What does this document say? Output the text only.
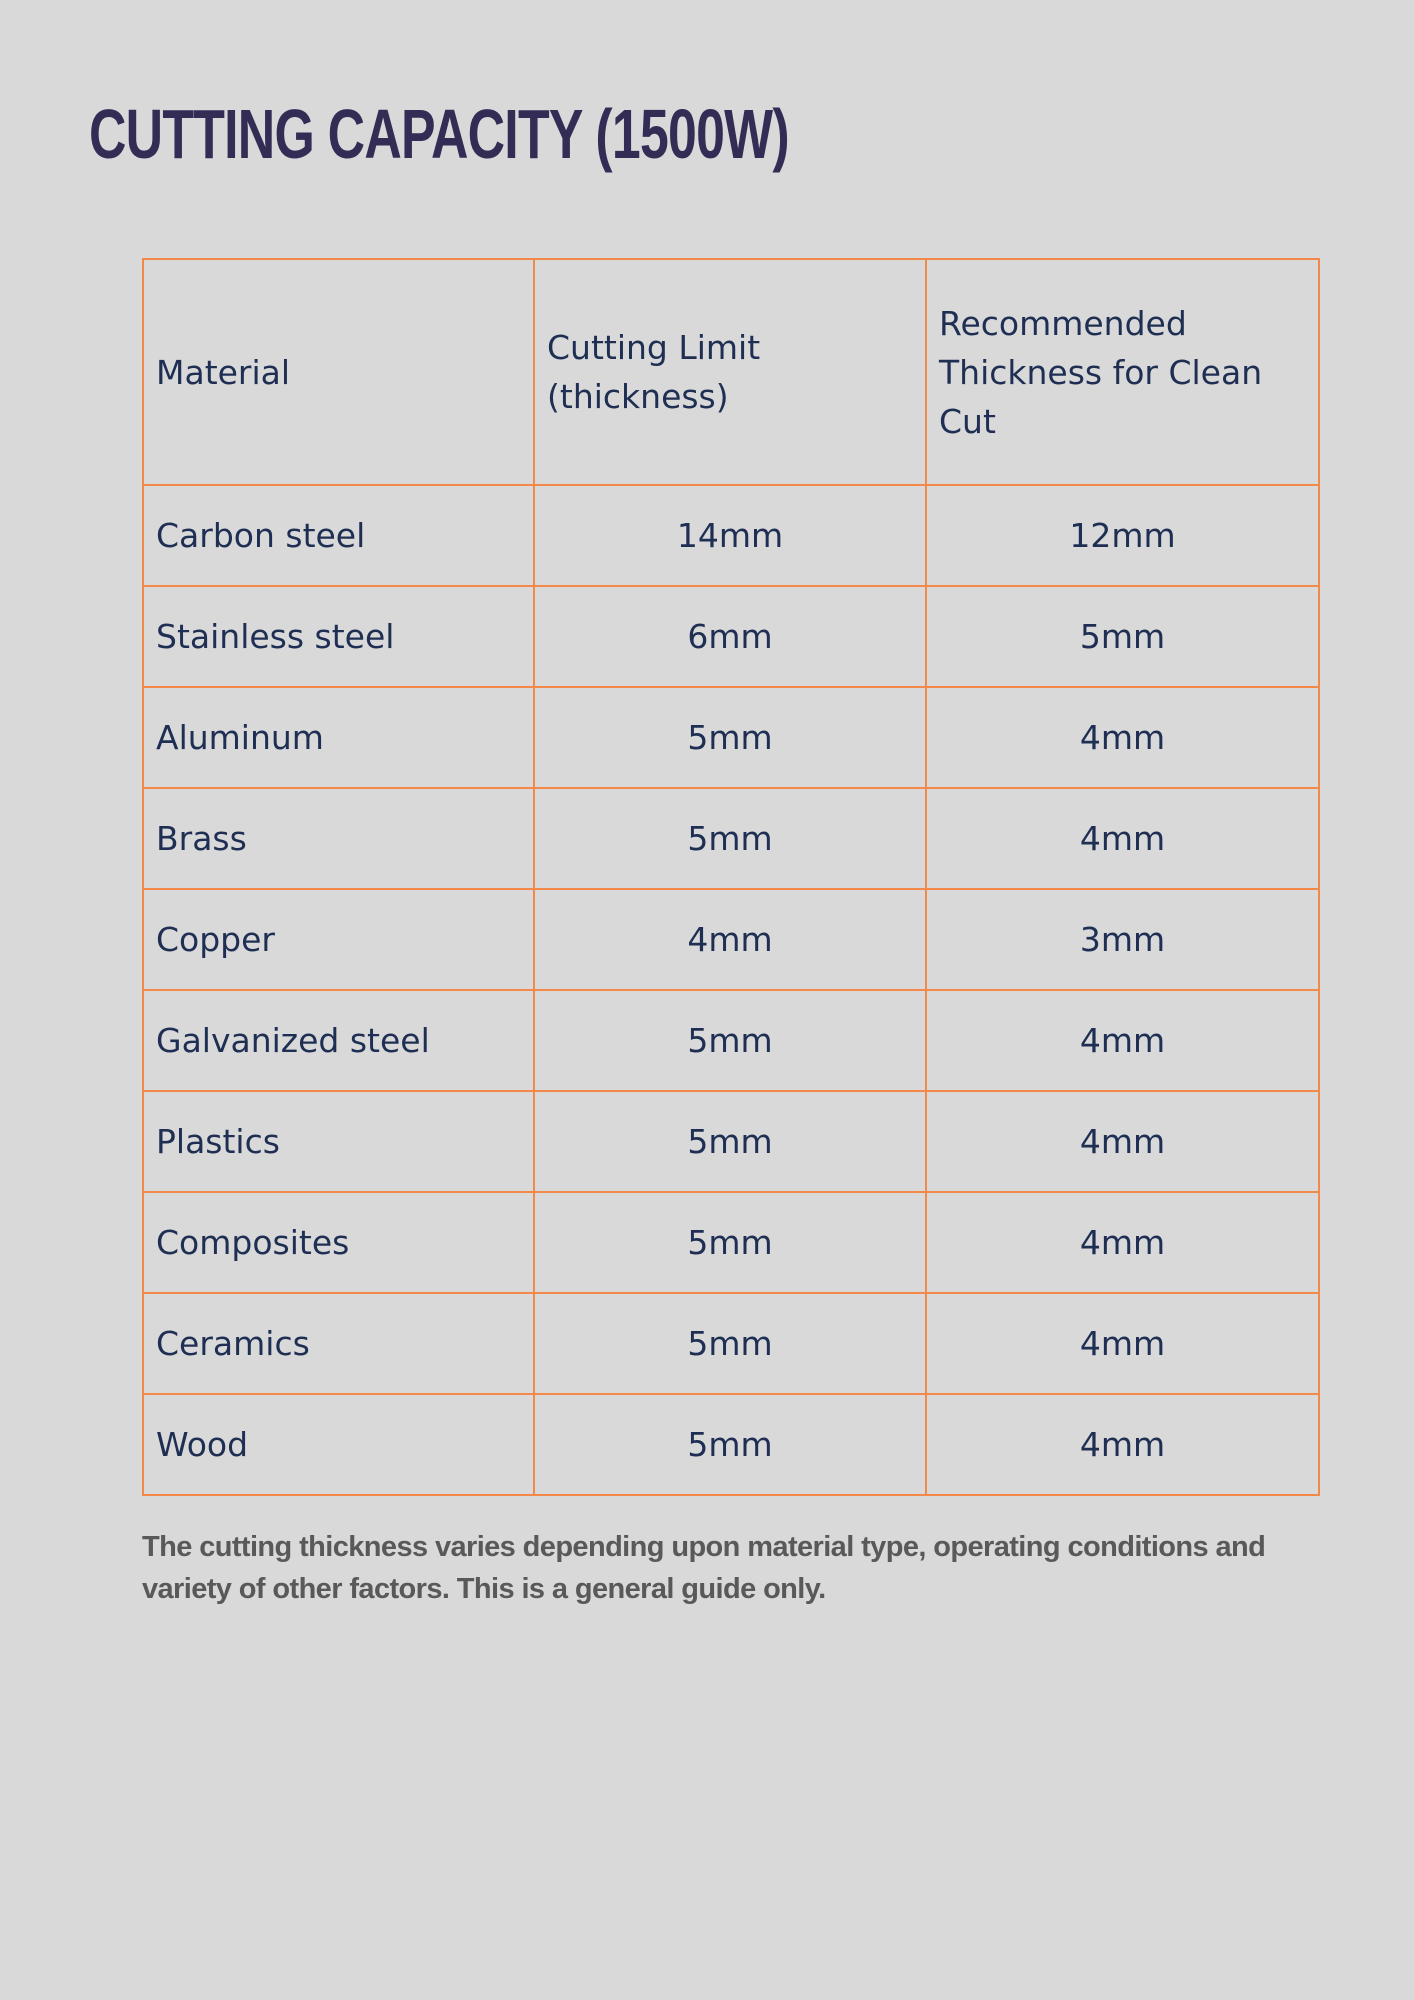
CUTTING CAPACITY (1500W)
Material	Cutting Limit (thickness)	Recommended Thickness for Clean Cut
Carbon steel	14mm	12mm
Stainless steel	6mm	5mm
Aluminum	5mm	4mm
Brass	5mm	4mm
Copper	4mm	3mm
Galvanized steel	5mm	4mm
Plastics	5mm	4mm
Composites	5mm	4mm
Ceramics	5mm	4mm
Wood	5mm	4mm

The cutting thickness varies depending upon material type, operating conditions and variety of other factors. This is a general guide only.
